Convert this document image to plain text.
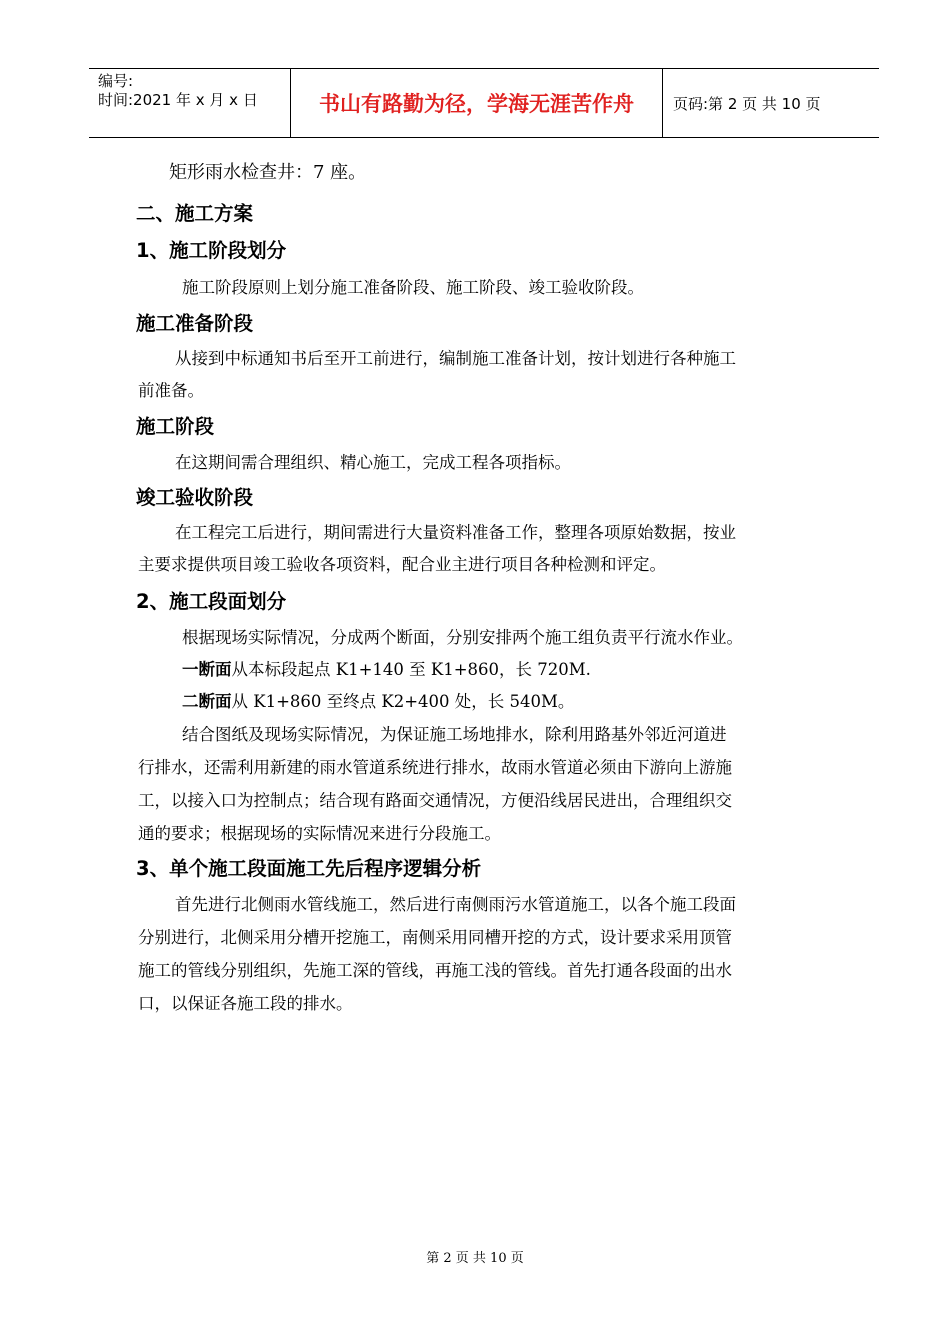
编号:
时间:2021 年 x 月 x 日	书山有路勤为径，学海无涯苦作舟	页码:第 2 页 共 10 页
矩形雨水检查井：7 座。
二、施工方案
1、施工阶段划分
施工阶段原则上划分施工准备阶段、施工阶段、竣工验收阶段。
施工准备阶段
从接到中标通知书后至开工前进行，编制施工准备计划，按计划进行各种施工
前准备。
施工阶段
在这期间需合理组织、精心施工，完成工程各项指标。
竣工验收阶段
在工程完工后进行，期间需进行大量资料准备工作，整理各项原始数据，按业
主要求提供项目竣工验收各项资料，配合业主进行项目各种检测和评定。
2、施工段面划分
根据现场实际情况，分成两个断面，分别安排两个施工组负责平行流水作业。
一断面从本标段起点 K1+140 至 K1+860，长 720M.
二断面从 K1+860 至终点 K2+400 处，长 540M。
结合图纸及现场实际情况，为保证施工场地排水，除利用路基外邻近河道进
行排水，还需利用新建的雨水管道系统进行排水，故雨水管道必须由下游向上游施
工，以接入口为控制点；结合现有路面交通情况，方便沿线居民进出，合理组织交
通的要求；根据现场的实际情况来进行分段施工。
3、单个施工段面施工先后程序逻辑分析
首先进行北侧雨水管线施工，然后进行南侧雨污水管道施工，以各个施工段面
分别进行，北侧采用分槽开挖施工，南侧采用同槽开挖的方式，设计要求采用顶管
施工的管线分别组织，先施工深的管线，再施工浅的管线。首先打通各段面的出水
口，以保证各施工段的排水。
第 2 页 共 10 页
